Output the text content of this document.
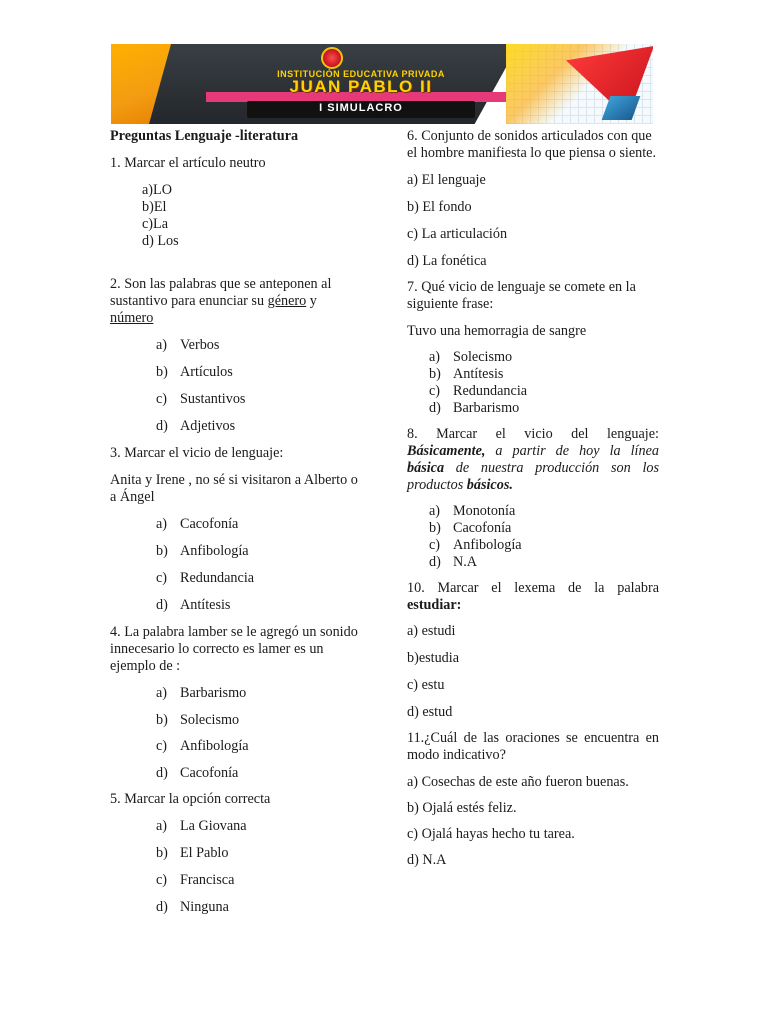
INSTITUCIÓN EDUCATIVA PRIVADA
JUAN PABLO II
I SIMULACRO

Preguntas Lenguaje -literatura

1. Marcar el artículo neutro

a)LO

b)El

c)La

d) Los

2. Son las palabras que se anteponen al sustantivo para enunciar su género y número

a) Verbos
b) Artículos
c) Sustantivos
d) Adjetivos

3. Marcar el vicio de lenguaje:

Anita y Irene , no sé si visitaron a Alberto o a Ángel

a) Cacofonía
b) Anfibología
c) Redundancia
d) Antítesis

4. La palabra lamber se le agregó un sonido innecesario lo correcto es lamer es un ejemplo de :

a) Barbarismo
b) Solecismo
c) Anfibología
d) Cacofonía

5. Marcar la opción correcta

a) La Giovana
b) El Pablo
c) Francisca
d) Ninguna

6. Conjunto de sonidos articulados con que el hombre manifiesta lo que piensa o siente.

a) El lenguaje

b) El fondo

c) La articulación

d) La fonética

7. Qué vicio de lenguaje se comete en la siguiente frase:

Tuvo una hemorragia de sangre

a) Solecismo
b) Antítesis
c) Redundancia
d) Barbarismo

8. Marcar el vicio del lenguaje: Básicamente, a partir de hoy la línea básica de nuestra producción son los productos básicos.

a) Monotonía
b) Cacofonía
c) Anfibología
d) N.A

10. Marcar el lexema de la palabra estudiar:

a) estudi

b)estudia

c) estu

d) estud

11.¿Cuál de las oraciones se encuentra en modo indicativo?

a) Cosechas de este año fueron buenas.

b) Ojalá estés feliz.

c) Ojalá hayas hecho tu tarea.

d) N.A
